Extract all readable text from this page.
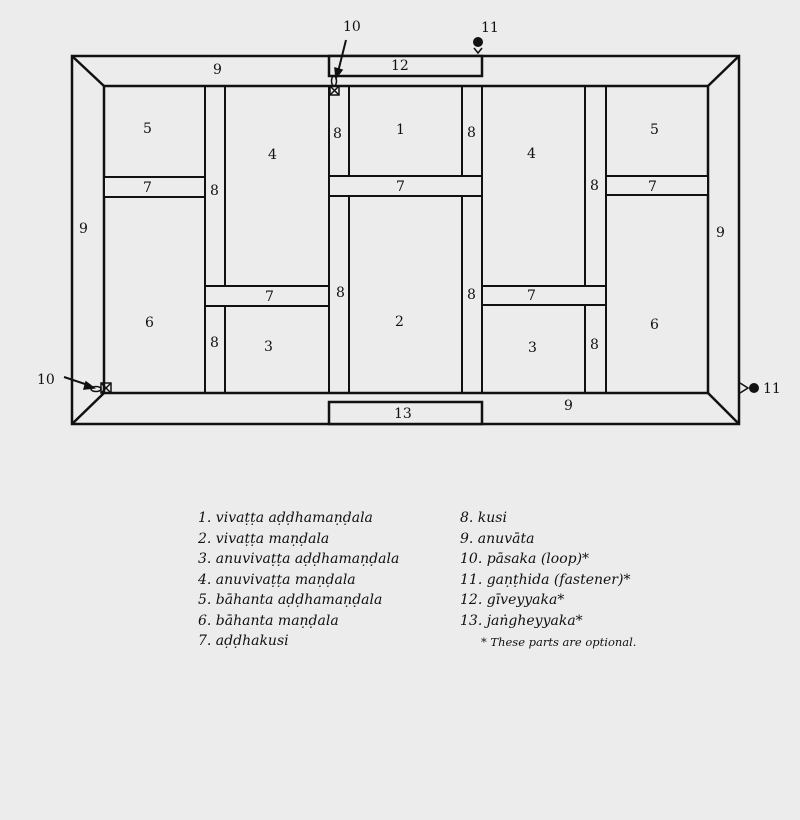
9	12
10	11
5
4
8	1	8
4
5
7	8	7	8	7
9	9
7	8	8	7
6	2	6
8	3	3	8
10
11
9
13
1. vivaṭṭa aḍḍhamaṇḍala
2. vivaṭṭa maṇḍala
3. anuvivaṭṭa aḍḍhamaṇḍala
4. anuvivaṭṭa maṇḍala
5. bāhanta aḍḍhamaṇḍala
6. bāhanta maṇḍala
7. aḍḍhakusi
8. kusi
9. anuvāta
10. pāsaka (loop)*
11. gaṇṭhida (fastener)*
12. gīveyyaka*
13. jaṅgheyyaka*
* These parts are optional.
